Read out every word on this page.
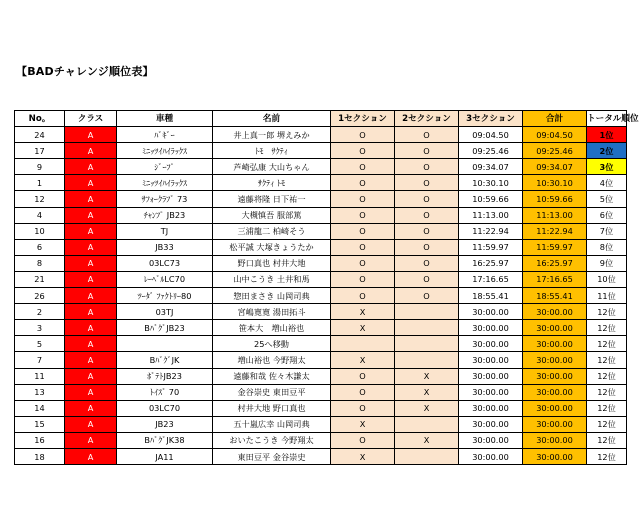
【BADチャレンジ順位表】
No。	クラス	車種	名前	1セクション	2セクション	3セクション	合計	トータル順位
24	A	ﾊﾞｷﾞｰ	井上真一郎 堺えみか	O	O	09:04.50	09:04.50	1位
17	A	ﾐﾆｯﾂｲﾊｲﾗｯｸｽ	ﾄﾓ　ｻｸﾃｨ	O	O	09:25.46	09:25.46	2位
9	A	ｼﾞｰﾌﾟ	芦崎弘康 大山ちゃん	O	O	09:34.07	09:34.07	3位
1	A	ﾐﾆｯﾂｲﾊｲﾗｯｸｽ	ｻｸﾃｨ ﾄﾓ	O	O	10:30.10	10:30.10	4位
12	A	ｻﾌｫｰｸﾗﾌﾞ 73	遠藤将隆 日下祐一	O	O	10:59.66	10:59.66	5位
4	A	ﾁｬﾝﾌﾟ JB23	大槻慎吾 服部篤	O	O	11:13.00	11:13.00	6位
10	A	TJ	三浦龍二 柏崎そう	O	O	11:22.94	11:22.94	7位
6	A	JB33	松平誠 大塚きょうたか	O	O	11:59.97	11:59.97	8位
8	A	03LC73	野口真也 村井大地	O	O	16:25.97	16:25.97	9位
21	A	ﾚｰﾍﾞﾙLC70	山中こうき 土井和馬	O	O	17:16.65	17:16.65	10位
26	A	ﾂｰﾀﾞ ﾌｧｸﾄﾘｰ80	惣田まさき 山岡司典	O	O	18:55.41	18:55.41	11位
2	A	03TJ	宮嶋寛寛 湯田拓斗	X		30:00.00	30:00.00	12位
3	A	BﾊﾞｸﾞJB23	笹本大　増山裕也	X		30:00.00	30:00.00	12位
5	A		25へ移動			30:00.00	30:00.00	12位
7	A	BﾊﾞｸﾞJK	増山裕也 今野翔太	X		30:00.00	30:00.00	12位
11	A	ﾎﾞﾃﾄJB23	遠藤和哉 佐々木謙太	O	X	30:00.00	30:00.00	12位
13	A	ﾄｲｽﾞ 70	金谷崇史 東田豆平	O	X	30:00.00	30:00.00	12位
14	A	03LC70	村井大地 野口真也	O	X	30:00.00	30:00.00	12位
15	A	JB23	五十嵐広幸 山岡司典	X		30:00.00	30:00.00	12位
16	A	BﾊﾞｸﾞJK38	おいたこうき 今野翔太	O	X	30:00.00	30:00.00	12位
18	A	JA11	東田豆平 金谷崇史	X		30:00.00	30:00.00	12位
